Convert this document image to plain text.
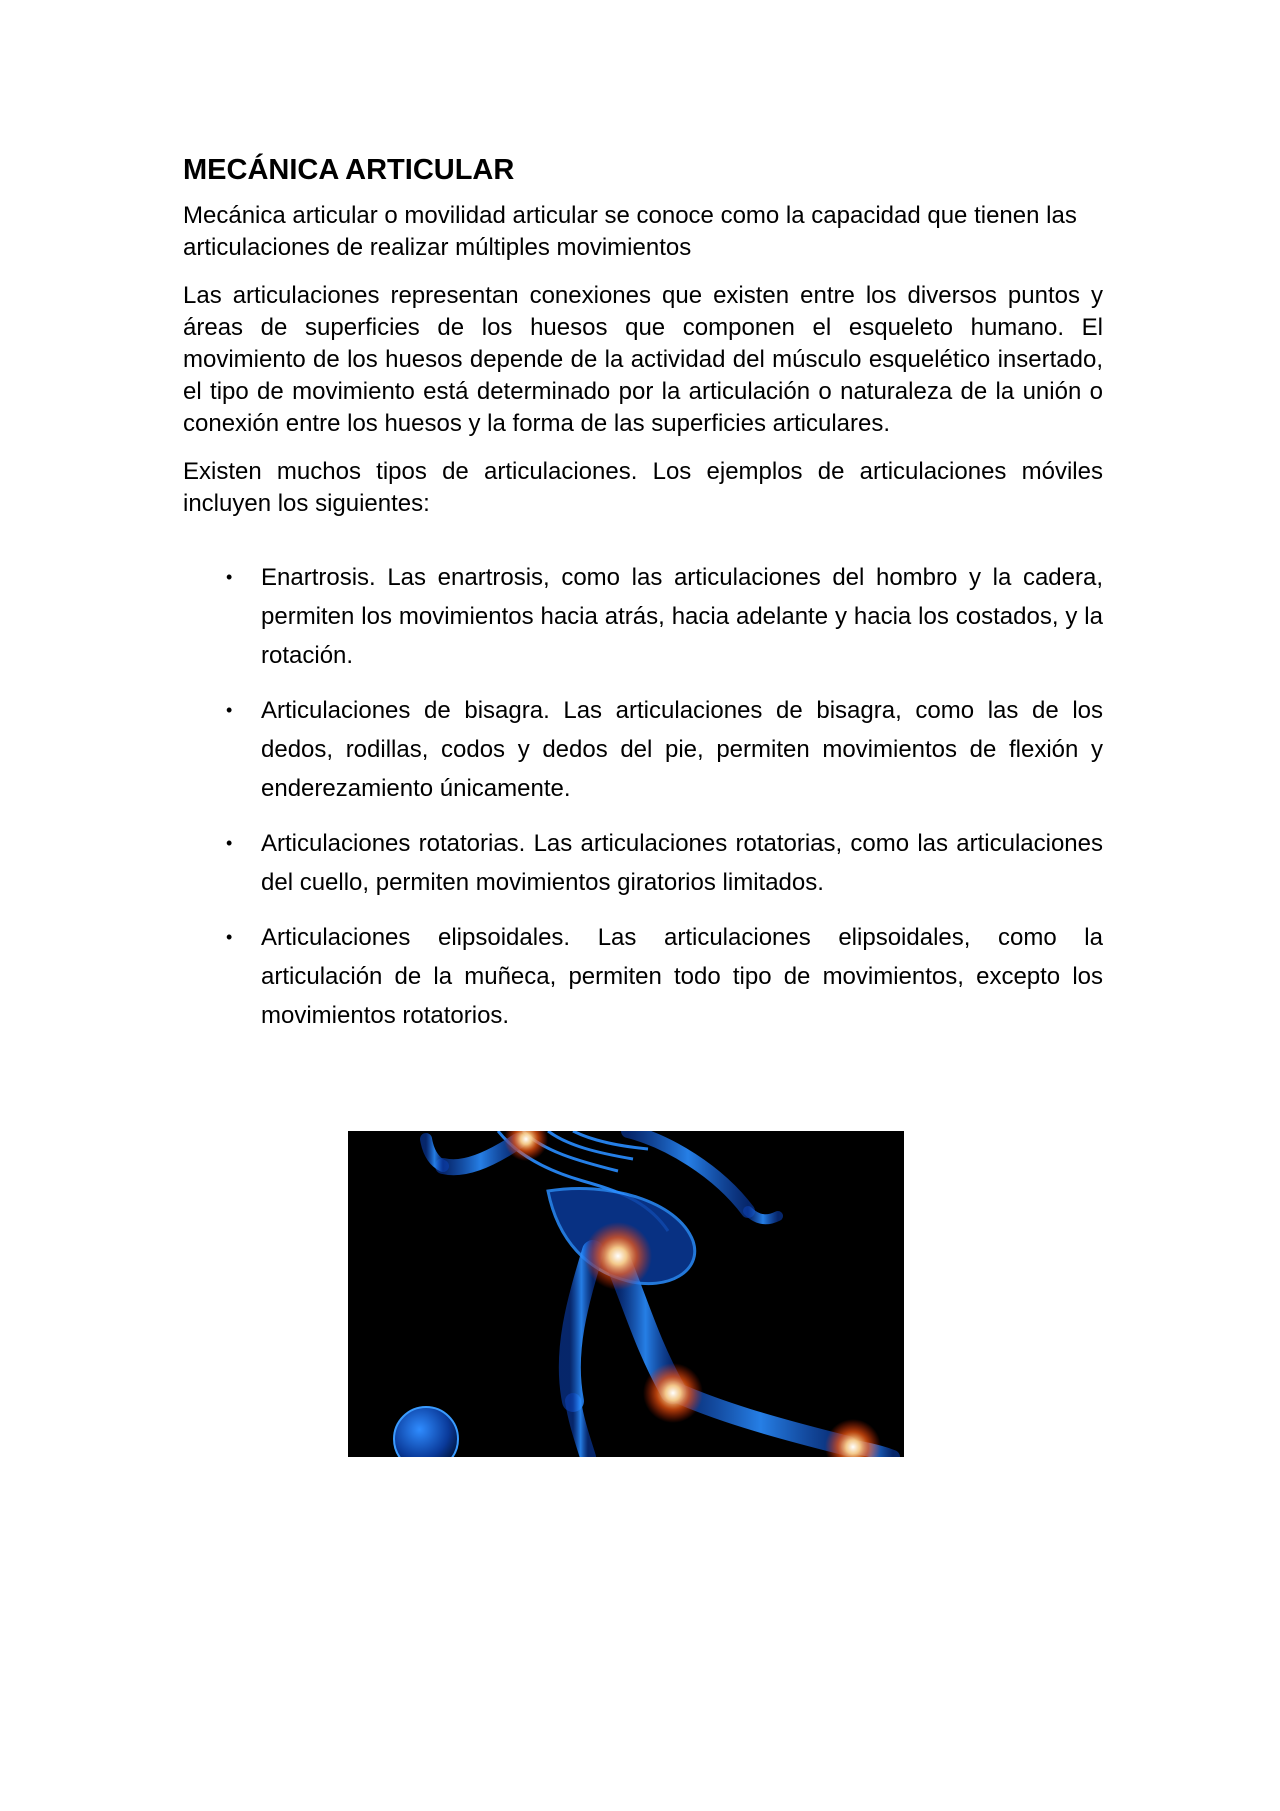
MECÁNICA ARTICULAR

Mecánica articular o movilidad articular se conoce como la capacidad que tienen las articulaciones de realizar múltiples movimientos

Las articulaciones representan conexiones que existen entre los diversos puntos y áreas de superficies de los huesos que componen el esqueleto humano. El movimiento de los huesos depende de la actividad del músculo esquelético insertado, el tipo de movimiento está determinado por la articulación o naturaleza de la unión o conexión entre los huesos y la forma de las superficies articulares.

Existen muchos tipos de articulaciones. Los ejemplos de articulaciones móviles incluyen los siguientes:

• Enartrosis. Las enartrosis, como las articulaciones del hombro y la cadera, permiten los movimientos hacia atrás, hacia adelante y hacia los costados, y la rotación.
• Articulaciones de bisagra. Las articulaciones de bisagra, como las de los dedos, rodillas, codos y dedos del pie, permiten movimientos de flexión y enderezamiento únicamente.
• Articulaciones rotatorias. Las articulaciones rotatorias, como las articulaciones del cuello, permiten movimientos giratorios limitados.
• Articulaciones elipsoidales. Las articulaciones elipsoidales, como la articulación de la muñeca, permiten todo tipo de movimientos, excepto los movimientos rotatorios.
